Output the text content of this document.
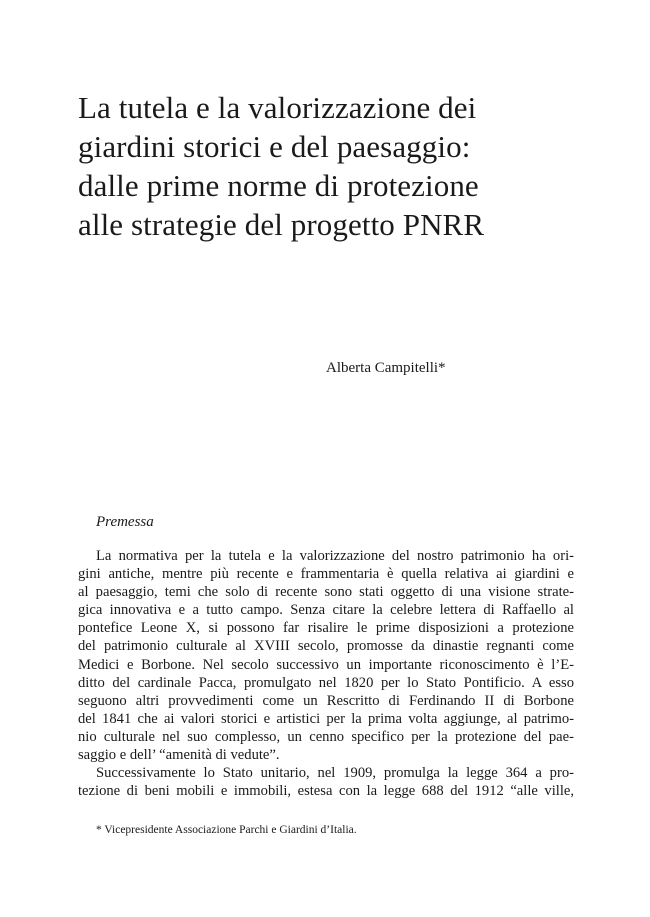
La tutela e la valorizzazione dei
giardini storici e del paesaggio:
dalle prime norme di protezione
alle strategie del progetto PNRR
Alberta Campitelli*
Premessa
La normativa per la tutela e la valorizzazione del nostro patrimonio ha ori-
gini antiche, mentre più recente e frammentaria è quella relativa ai giardini e
al paesaggio, temi che solo di recente sono stati oggetto di una visione strate-
gica innovativa e a tutto campo. Senza citare la celebre lettera di Raffaello al
pontefice Leone X, si possono far risalire le prime disposizioni a protezione
del patrimonio culturale al XVIII secolo, promosse da dinastie regnanti come
Medici e Borbone. Nel secolo successivo un importante riconoscimento è l’E-
ditto del cardinale Pacca, promulgato nel 1820 per lo Stato Pontificio. A esso
seguono altri provvedimenti come un Rescritto di Ferdinando II di Borbone
del 1841 che ai valori storici e artistici per la prima volta aggiunge, al patrimo-
nio culturale nel suo complesso, un cenno specifico per la protezione del pae-
saggio e dell’ “amenità di vedute”.
Successivamente lo Stato unitario, nel 1909, promulga la legge 364 a pro-
tezione di beni mobili e immobili, estesa con la legge 688 del 1912 “alle ville,
* Vicepresidente Associazione Parchi e Giardini d’Italia.
